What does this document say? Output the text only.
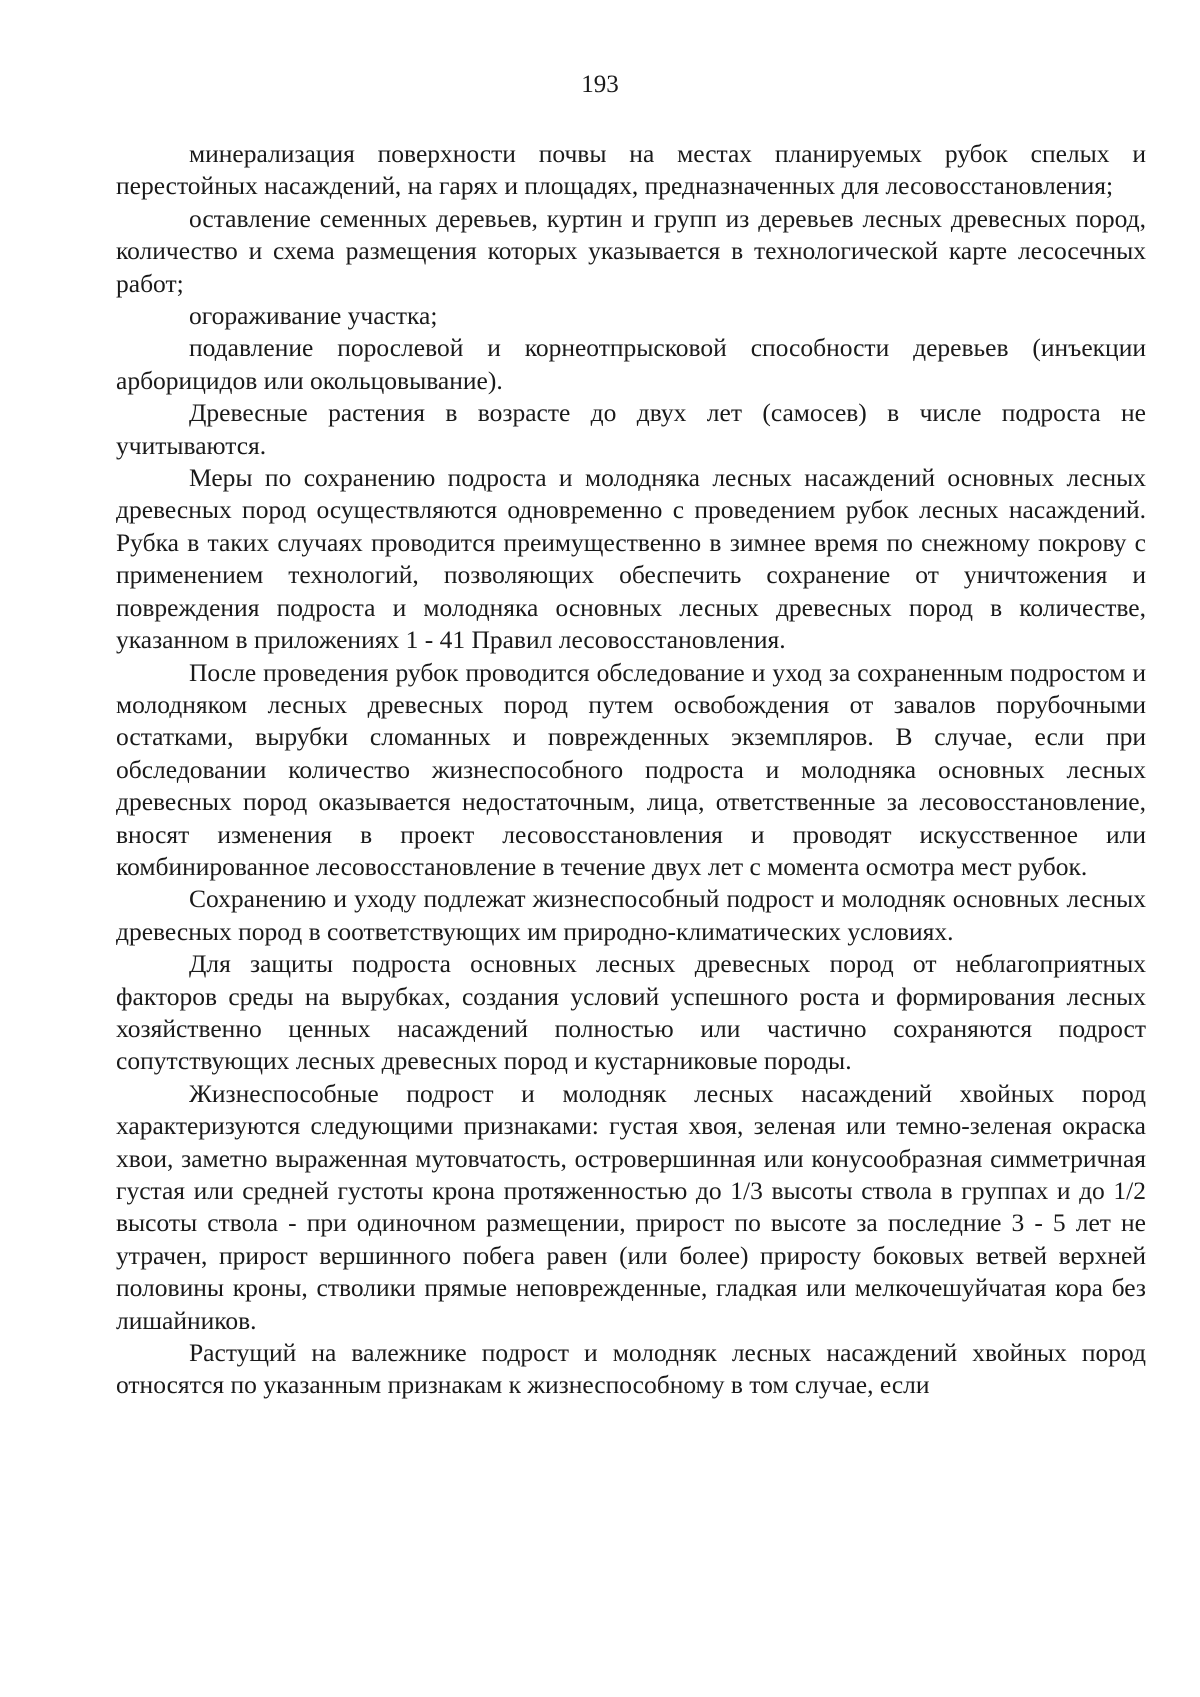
193

минерализация поверхности почвы на местах планируемых рубок спелых и перестойных насаждений, на гарях и площадях, предназначенных для лесовосстановления;

оставление семенных деревьев, куртин и групп из деревьев лесных древесных пород, количество и схема размещения которых указывается в технологической карте лесосечных работ;

огораживание участка;

подавление порослевой и корнеотпрысковой способности деревьев (инъекции арборицидов или окольцовывание).

Древесные растения в возрасте до двух лет (самосев) в числе подроста не учитываются.

Меры по сохранению подроста и молодняка лесных насаждений основных лесных древесных пород осуществляются одновременно с проведением рубок лесных насаждений. Рубка в таких случаях проводится преимущественно в зимнее время по снежному покрову с применением технологий, позволяющих обеспечить сохранение от уничтожения и повреждения подроста и молодняка основных лесных древесных пород в количестве, указанном в приложениях 1 - 41 Правил лесовосстановления.

После проведения рубок проводится обследование и уход за сохраненным подростом и молодняком лесных древесных пород путем освобождения от завалов порубочными остатками, вырубки сломанных и поврежденных экземпляров. В случае, если при обследовании количество жизнеспособного подроста и молодняка основных лесных древесных пород оказывается недостаточным, лица, ответственные за лесовосстановление, вносят изменения в проект лесовосстановления и проводят искусственное или комбинированное лесовосстановление в течение двух лет с момента осмотра мест рубок.

Сохранению и уходу подлежат жизнеспособный подрост и молодняк основных лесных древесных пород в соответствующих им природно-климатических условиях.

Для защиты подроста основных лесных древесных пород от неблагоприятных факторов среды на вырубках, создания условий успешного роста и формирования лесных хозяйственно ценных насаждений полностью или частично сохраняются подрост сопутствующих лесных древесных пород и кустарниковые породы.

Жизнеспособные подрост и молодняк лесных насаждений хвойных пород характеризуются следующими признаками: густая хвоя, зеленая или темно-зеленая окраска хвои, заметно выраженная мутовчатость, островершинная или конусообразная симметричная густая или средней густоты крона протяженностью до 1/3 высоты ствола в группах и до 1/2 высоты ствола - при одиночном размещении, прирост по высоте за последние 3 - 5 лет не утрачен, прирост вершинного побега равен (или более) приросту боковых ветвей верхней половины кроны, стволики прямые неповрежденные, гладкая или мелкочешуйчатая кора без лишайников.

Растущий на валежнике подрост и молодняк лесных насаждений хвойных пород относятся по указанным признакам к жизнеспособному в том случае, если
